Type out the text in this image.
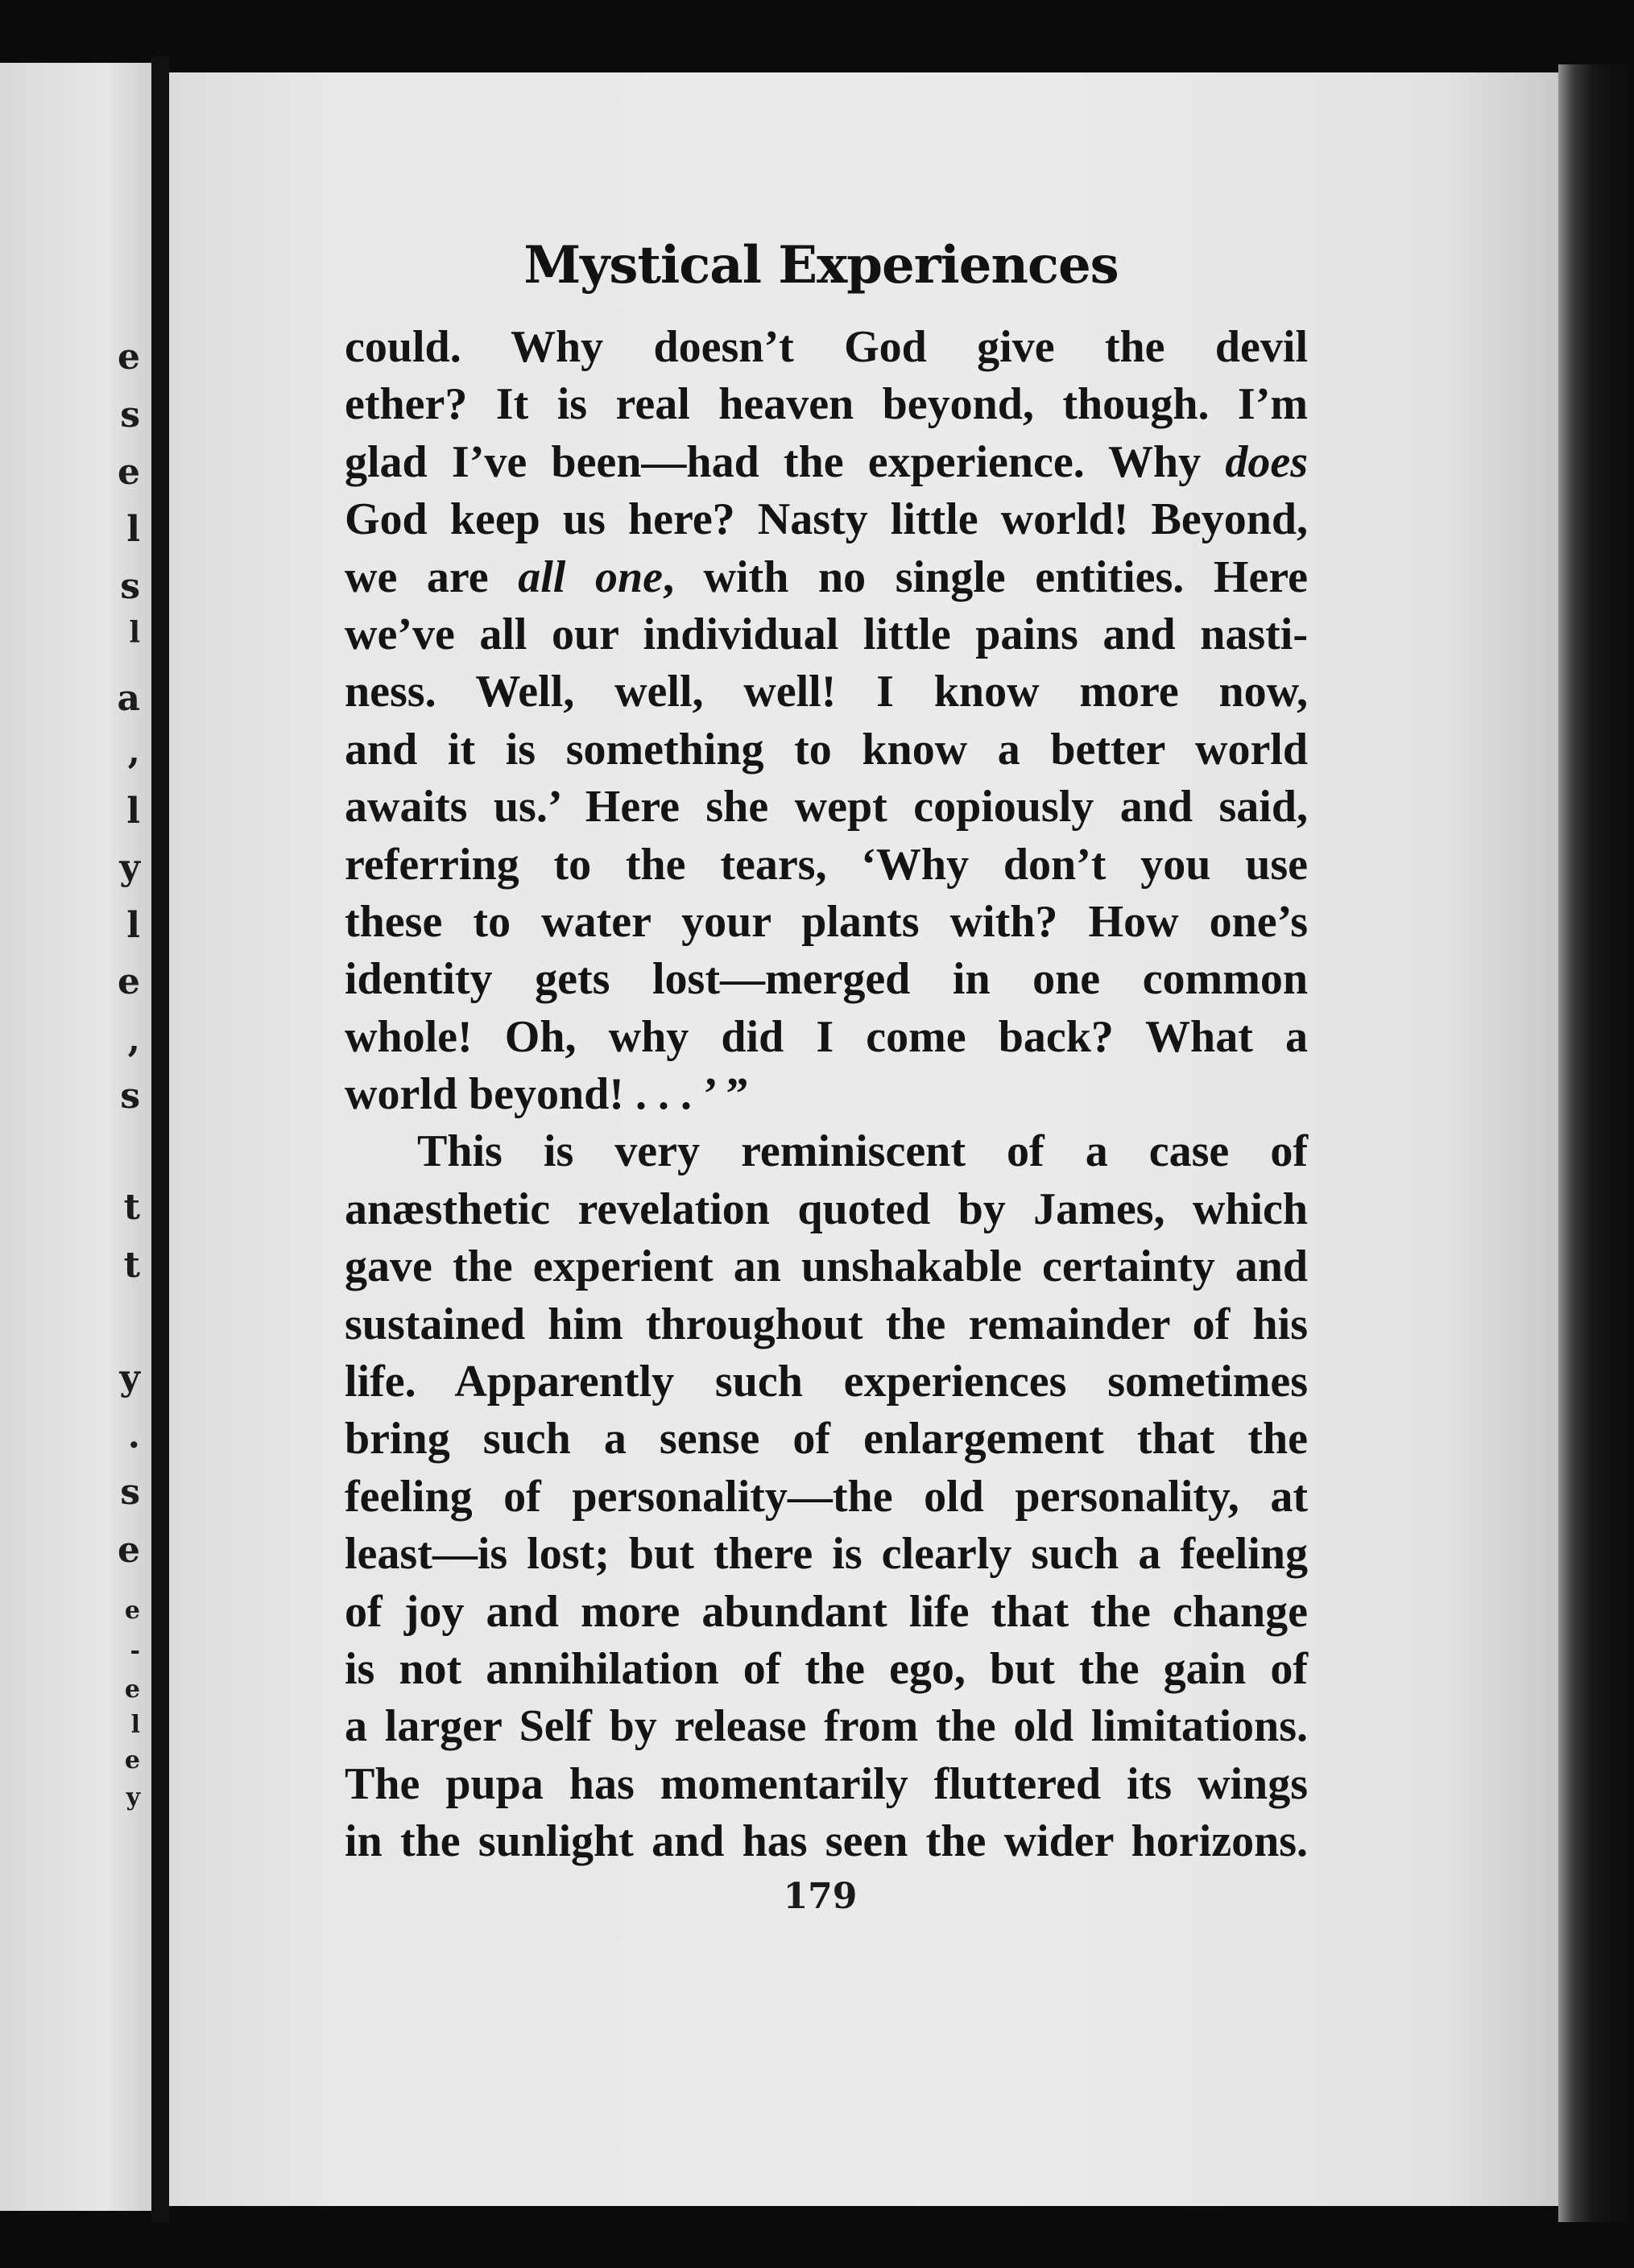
e
s
e
l
s
l
a
,
l
y
l
e
,
s
t
t
y
.
s
e
e
-
e
l
e
y
Mystical Experiences
could. Why doesn’t God give the devil
ether? It is real heaven beyond, though. I’m
glad I’ve been—had the experience. Why does
God keep us here? Nasty little world! Beyond,
we are all one, with no single entities. Here
we’ve all our individual little pains and nasti-
ness. Well, well, well! I know more now,
and it is something to know a better world
awaits us.’ Here she wept copiously and said,
referring to the tears, ‘Why don’t you use
these to water your plants with? How one’s
identity gets lost—merged in one common
whole! Oh, why did I come back? What a
world beyond! . . . ’ ”
This is very reminiscent of a case of
anæsthetic revelation quoted by James, which
gave the experient an unshakable certainty and
sustained him throughout the remainder of his
life. Apparently such experiences sometimes
bring such a sense of enlargement that the
feeling of personality—the old personality, at
least—is lost; but there is clearly such a feeling
of joy and more abundant life that the change
is not annihilation of the ego, but the gain of
a larger Self by release from the old limitations.
The pupa has momentarily fluttered its wings
in the sunlight and has seen the wider horizons.
179
